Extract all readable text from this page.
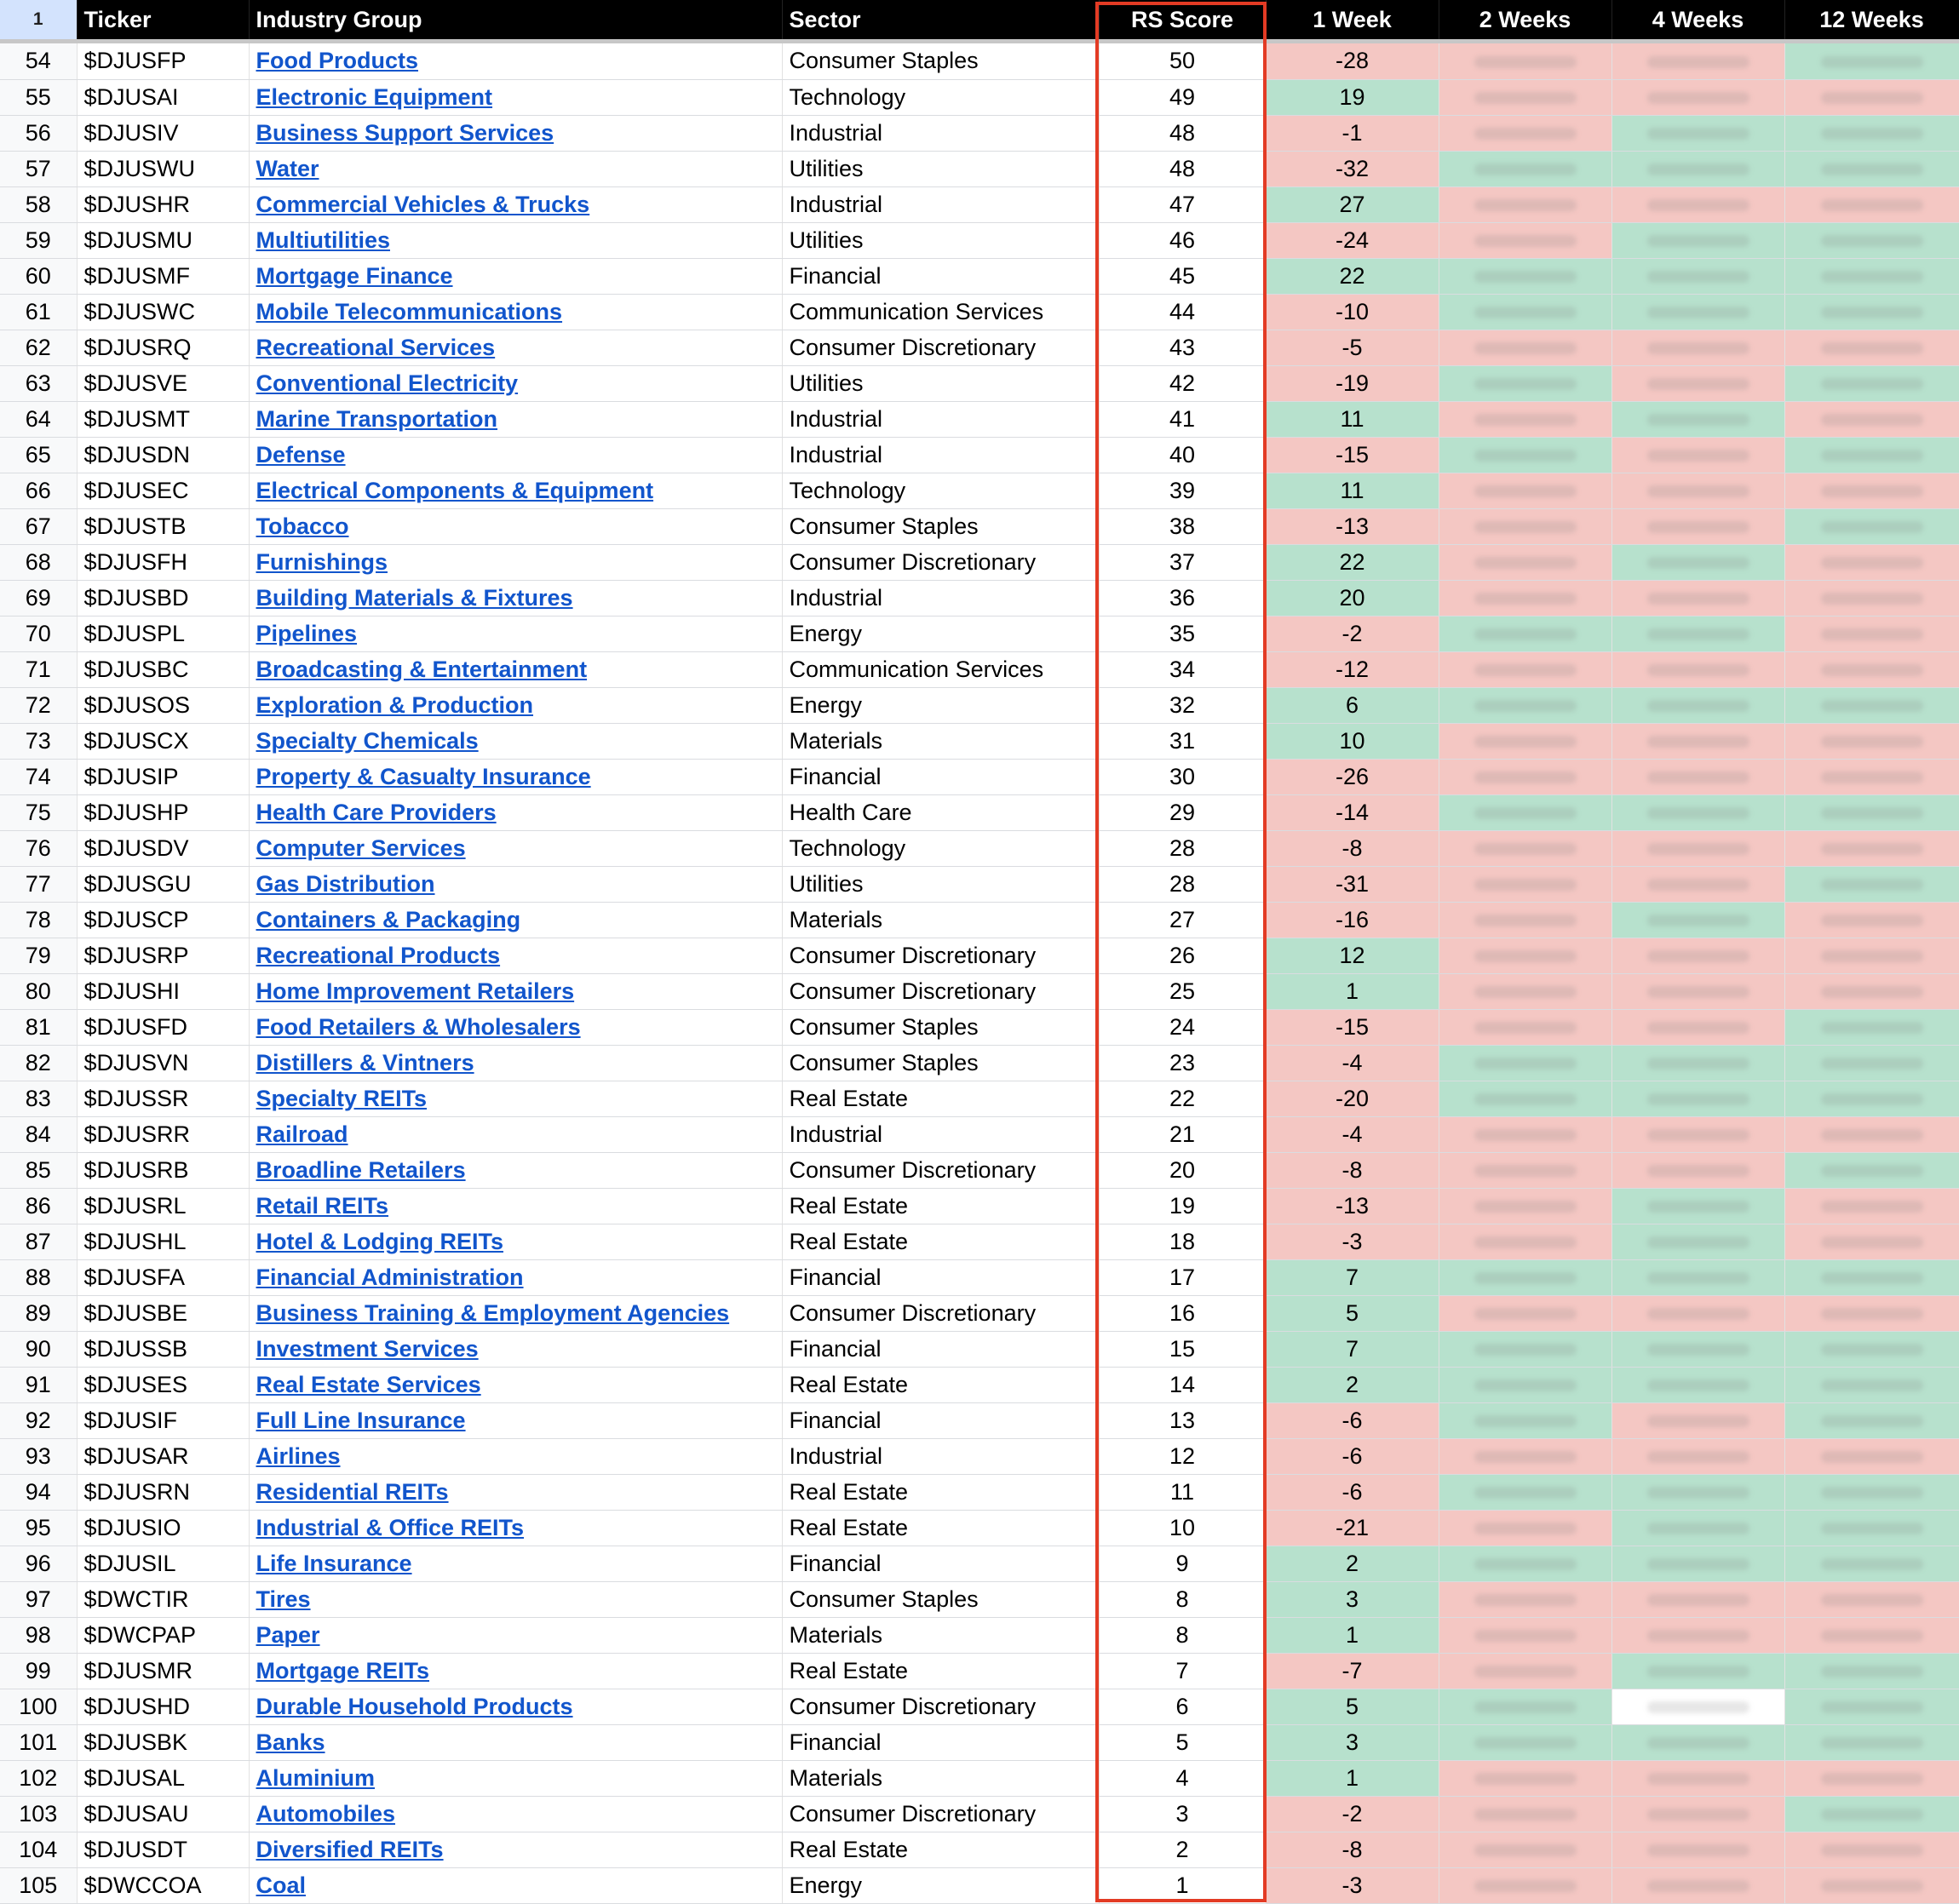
1	Ticker	Industry Group	Sector	RS Score	1 Week	2 Weeks	4 Weeks	12 Weeks

54	$DJUSFP	Food Products	Consumer Staples	50	-28			
55	$DJUSAI	Electronic Equipment	Technology	49	19			
56	$DJUSIV	Business Support Services	Industrial	48	-1			
57	$DJUSWU	Water	Utilities	48	-32			
58	$DJUSHR	Commercial Vehicles & Trucks	Industrial	47	27			
59	$DJUSMU	Multiutilities	Utilities	46	-24			
60	$DJUSMF	Mortgage Finance	Financial	45	22			
61	$DJUSWC	Mobile Telecommunications	Communication Services	44	-10			
62	$DJUSRQ	Recreational Services	Consumer Discretionary	43	-5			
63	$DJUSVE	Conventional Electricity	Utilities	42	-19			
64	$DJUSMT	Marine Transportation	Industrial	41	11			
65	$DJUSDN	Defense	Industrial	40	-15			
66	$DJUSEC	Electrical Components & Equipment	Technology	39	11			
67	$DJUSTB	Tobacco	Consumer Staples	38	-13			
68	$DJUSFH	Furnishings	Consumer Discretionary	37	22			
69	$DJUSBD	Building Materials & Fixtures	Industrial	36	20			
70	$DJUSPL	Pipelines	Energy	35	-2			
71	$DJUSBC	Broadcasting & Entertainment	Communication Services	34	-12			
72	$DJUSOS	Exploration & Production	Energy	32	6			
73	$DJUSCX	Specialty Chemicals	Materials	31	10			
74	$DJUSIP	Property & Casualty Insurance	Financial	30	-26			
75	$DJUSHP	Health Care Providers	Health Care	29	-14			
76	$DJUSDV	Computer Services	Technology	28	-8			
77	$DJUSGU	Gas Distribution	Utilities	28	-31			
78	$DJUSCP	Containers & Packaging	Materials	27	-16			
79	$DJUSRP	Recreational Products	Consumer Discretionary	26	12			
80	$DJUSHI	Home Improvement Retailers	Consumer Discretionary	25	1			
81	$DJUSFD	Food Retailers & Wholesalers	Consumer Staples	24	-15			
82	$DJUSVN	Distillers & Vintners	Consumer Staples	23	-4			
83	$DJUSSR	Specialty REITs	Real Estate	22	-20			
84	$DJUSRR	Railroad	Industrial	21	-4			
85	$DJUSRB	Broadline Retailers	Consumer Discretionary	20	-8			
86	$DJUSRL	Retail REITs	Real Estate	19	-13			
87	$DJUSHL	Hotel & Lodging REITs	Real Estate	18	-3			
88	$DJUSFA	Financial Administration	Financial	17	7			
89	$DJUSBE	Business Training & Employment Agencies	Consumer Discretionary	16	5			
90	$DJUSSB	Investment Services	Financial	15	7			
91	$DJUSES	Real Estate Services	Real Estate	14	2			
92	$DJUSIF	Full Line Insurance	Financial	13	-6			
93	$DJUSAR	Airlines	Industrial	12	-6			
94	$DJUSRN	Residential REITs	Real Estate	11	-6			
95	$DJUSIO	Industrial & Office REITs	Real Estate	10	-21			
96	$DJUSIL	Life Insurance	Financial	9	2			
97	$DWCTIR	Tires	Consumer Staples	8	3			
98	$DWCPAP	Paper	Materials	8	1			
99	$DJUSMR	Mortgage REITs	Real Estate	7	-7			
100	$DJUSHD	Durable Household Products	Consumer Discretionary	6	5			
101	$DJUSBK	Banks	Financial	5	3			
102	$DJUSAL	Aluminium	Materials	4	1			
103	$DJUSAU	Automobiles	Consumer Discretionary	3	-2			
104	$DJUSDT	Diversified REITs	Real Estate	2	-8			
105	$DWCCOA	Coal	Energy	1	-3			
